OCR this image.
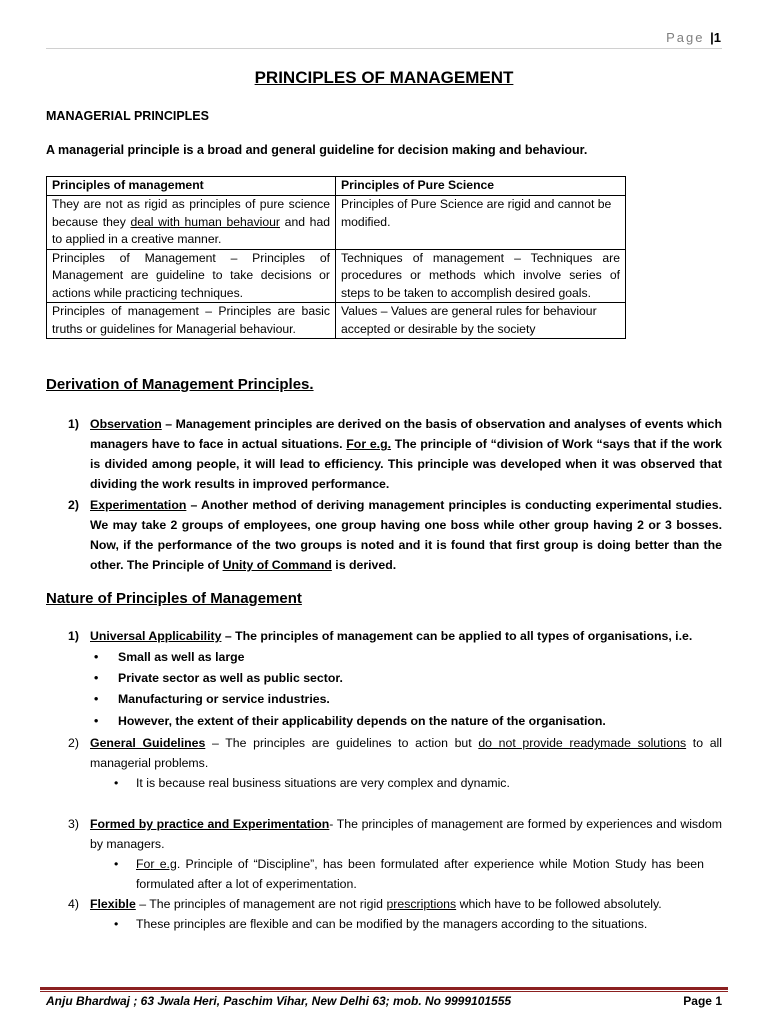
Page |1
PRINCIPLES OF MANAGEMENT
MANAGERIAL PRINCIPLES
A managerial principle is a broad and general guideline for decision making and behaviour.
Principles of management	Principles of Pure Science
They are not as rigid as principles of pure science because they deal with human behaviour and had to applied in a creative manner.	Principles of Pure Science are rigid and cannot be modified.
Principles of Management – Principles of Management are guideline to take decisions or actions while practicing techniques.	Techniques of management – Techniques are procedures or methods which involve series of steps to be taken to accomplish desired goals.
Principles of management – Principles are basic truths or guidelines for Managerial behaviour.	Values – Values are general rules for behaviour accepted or desirable by the society
Derivation of Management Principles.
1) Observation – Management principles are derived on the basis of observation and analyses of events which managers have to face in actual situations. For e.g. The principle of “division of Work “says that if the work is divided among people, it will lead to efficiency. This principle was developed when it was observed that dividing the work results in improved performance.
2) Experimentation – Another method of deriving management principles is conducting experimental studies. We may take 2 groups of employees, one group having one boss while other group having 2 or 3 bosses. Now, if the performance of the two groups is noted and it is found that first group is doing better than the other. The Principle of Unity of Command is derived.
Nature of Principles of Management
1) Universal Applicability – The principles of management can be applied to all types of organisations, i.e.
• Small as well as large
• Private sector as well as public sector.
• Manufacturing or service industries.
• However, the extent of their applicability depends on the nature of the organisation.
2) General Guidelines – The principles are guidelines to action but do not provide readymade solutions to all managerial problems.
• It is because real business situations are very complex and dynamic.
3) Formed by practice and Experimentation- The principles of management are formed by experiences and wisdom by managers.
• For e.g. Principle of “Discipline”, has been formulated after experience while Motion Study has been formulated after a lot of experimentation.
4) Flexible – The principles of management are not rigid prescriptions which have to be followed absolutely.
• These principles are flexible and can be modified by the managers according to the situations.
Anju Bhardwaj ; 63 Jwala Heri, Paschim Vihar, New Delhi 63; mob. No 9999101555	Page 1
